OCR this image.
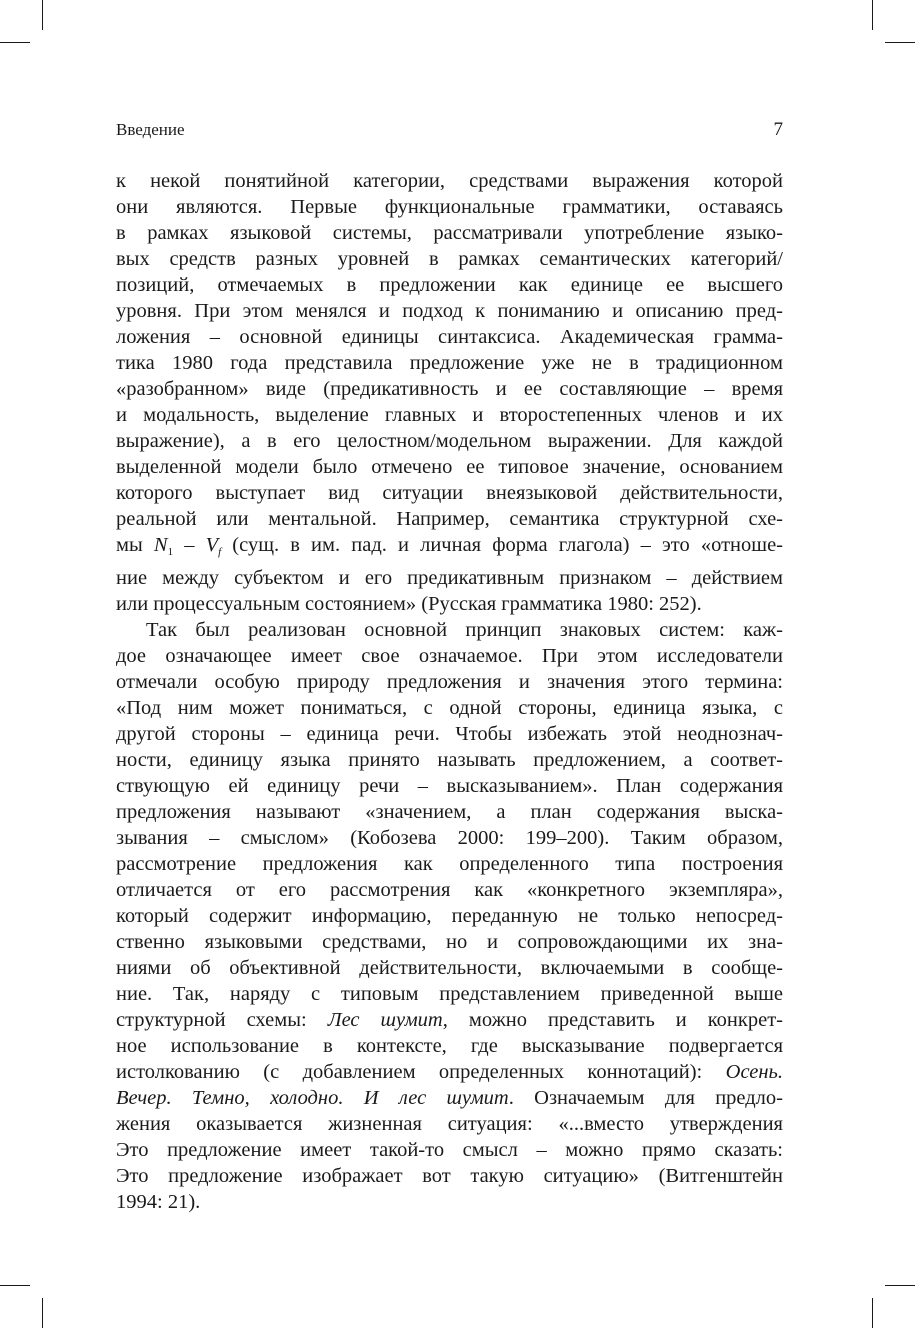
Введение	7

к некой понятийной категории, средствами выражения которой
они являются. Первые функциональные грамматики, оставаясь
в рамках языковой системы, рассматривали употребление языко-
вых средств разных уровней в рамках семантических категорий/
позиций, отмечаемых в предложении как единице ее высшего
уровня. При этом менялся и подход к пониманию и описанию пред-
ложения – основной единицы синтаксиса. Академическая грамма-
тика 1980 года представила предложение уже не в традиционном
«разобранном» виде (предикативность и ее составляющие – время
и модальность, выделение главных и второстепенных членов и их
выражение), а в его целостном/модельном выражении. Для каждой
выделенной модели было отмечено ее типовое значение, основанием
которого выступает вид ситуации внеязыковой действительности,
реальной или ментальной. Например, семантика структурной схе-
мы $N_1 - V_f$ (сущ. в им. пад. и личная форма глагола) – это «отноше-
ние между субъектом и его предикативным признаком – действием
или процессуальным состоянием» (Русская грамматика 1980: 252).

Так был реализован основной принцип знаковых систем: каж-
дое означающее имеет свое означаемое. При этом исследователи
отмечали особую природу предложения и значения этого термина:
«Под ним может пониматься, с одной стороны, единица языка, с
другой стороны – единица речи. Чтобы избежать этой неоднознач-
ности, единицу языка принято называть предложением, а соответ-
ствующую ей единицу речи – высказыванием». План содержания
предложения называют «значением, а план содержания выска-
зывания – смыслом» (Кобозева 2000: 199–200). Таким образом,
рассмотрение предложения как определенного типа построения
отличается от его рассмотрения как «конкретного экземпляра»,
который содержит информацию, переданную не только непосред-
ственно языковыми средствами, но и сопровождающими их зна-
ниями об объективной действительности, включаемыми в сообще-
ние. Так, наряду с типовым представлением приведенной выше
структурной схемы: Лес шумит, можно представить и конкрет-
ное использование в контексте, где высказывание подвергается
истолкованию (с добавлением определенных коннотаций): Осень.
Вечер. Темно, холодно. И лес шумит. Означаемым для предло-
жения оказывается жизненная ситуация: «...вместо утверждения
Это предложение имеет такой-то смысл – можно прямо сказать:
Это предложение изображает вот такую ситуацию» (Витгенштейн
1994: 21).
